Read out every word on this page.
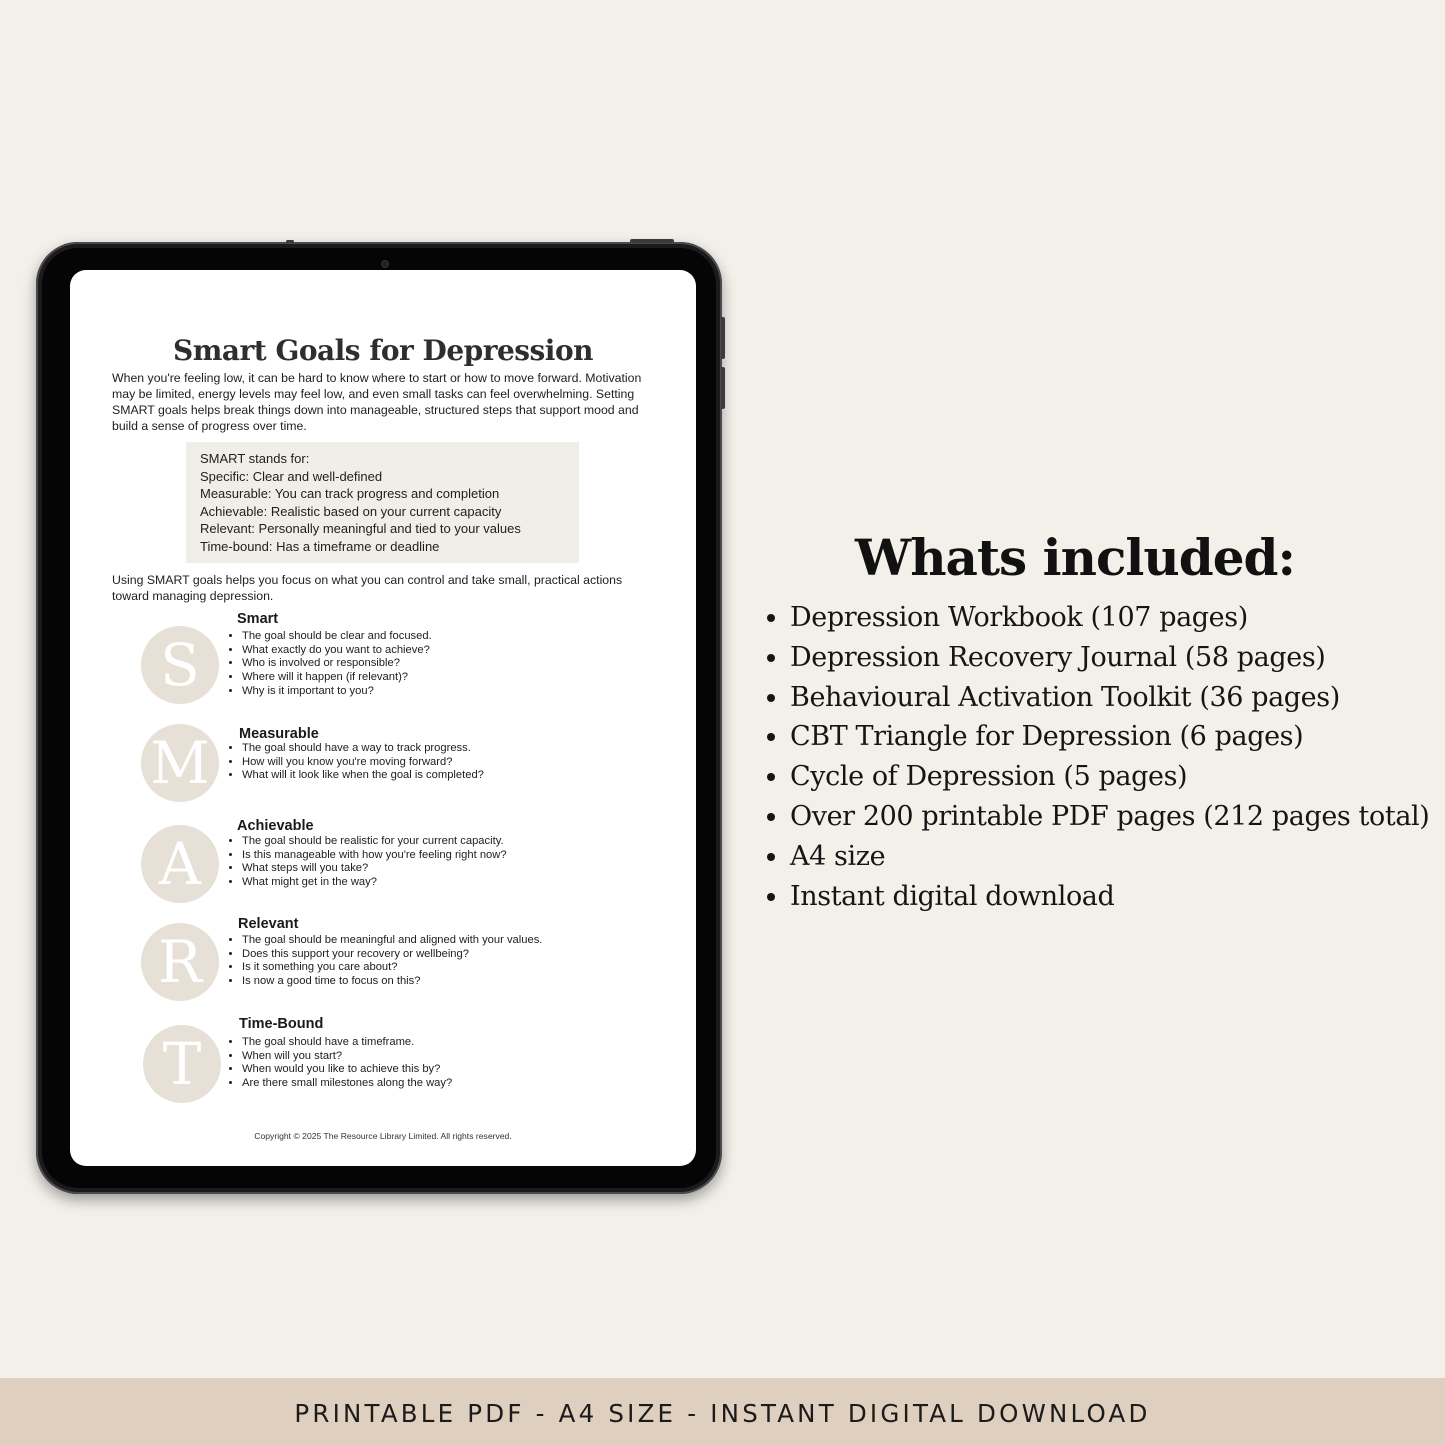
Smart Goals for Depression
When you're feeling low, it can be hard to know where to start or how to move forward. Motivation may be limited, energy levels may feel low, and even small tasks can feel overwhelming. Setting SMART goals helps break things down into manageable, structured steps that support mood and build a sense of progress over time.
SMART stands for:
Specific: Clear and well-defined
Measurable: You can track progress and completion
Achievable: Realistic based on your current capacity
Relevant: Personally meaningful and tied to your values
Time-bound: Has a timeframe or deadline
Using SMART goals helps you focus on what you can control and take small, practical actions toward managing depression.
S
Smart
• The goal should be clear and focused.
• What exactly do you want to achieve?
• Who is involved or responsible?
• Where will it happen (if relevant)?
• Why is it important to you?
M	Measurable
• The goal should have a way to track progress.
• How will you know you're moving forward?
• What will it look like when the goal is completed?
A
Achievable
• The goal should be realistic for your current capacity.
• Is this manageable with how you're feeling right now?
• What steps will you take?
• What might get in the way?
R
Relevant
• The goal should be meaningful and aligned with your values.
• Does this support your recovery or wellbeing?
• Is it something you care about?
• Is now a good time to focus on this?
T
Time-Bound
• The goal should have a timeframe.
• When will you start?
• When would you like to achieve this by?
• Are there small milestones along the way?
Copyright © 2025 The Resource Library Limited. All rights reserved.
Whats included:
• Depression Workbook (107 pages)
• Depression Recovery Journal (58 pages)
• Behavioural Activation Toolkit (36 pages)
• CBT Triangle for Depression (6 pages)
• Cycle of Depression (5 pages)
• Over 200 printable PDF pages (212 pages total)
• A4 size
• Instant digital download
PRINTABLE PDF - A4 SIZE - INSTANT DIGITAL DOWNLOAD
